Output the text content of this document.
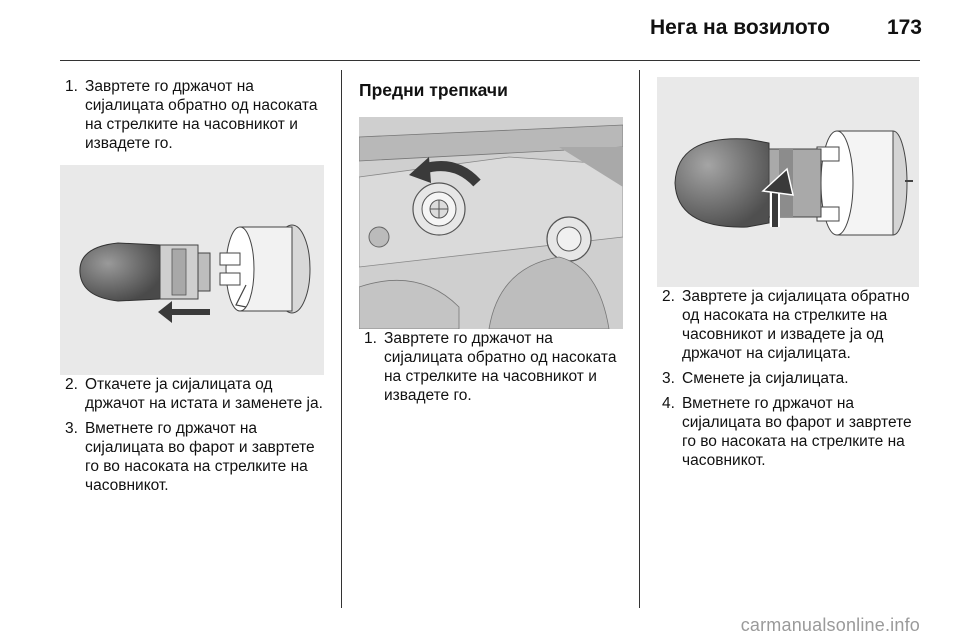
Нега на возилото	173
1. Завртете го држачот на сијалицата обратно од насоката на стрелките на часовникот и извадете го.
2. Откачете ја сијалицата од држачот на истата и заменете ја.
3. Вметнете го држачот на сијалицата во фарот и завртете го во насоката на стрелките на часовникот.
Предни трепкачи
1. Завртете го држачот на сијалицата обратно од насоката на стрелките на часовникот и извадете го.
2. Завртете ја сијалицата обратно од насоката на стрелките на часовникот и извадете ја од држачот на сијалицата.
3. Сменете ја сијалицата.
4. Вметнете го држачот на сијалицата во фарот и завртете го во насоката на стрелките на часовникот.
carmanualsonline.info
